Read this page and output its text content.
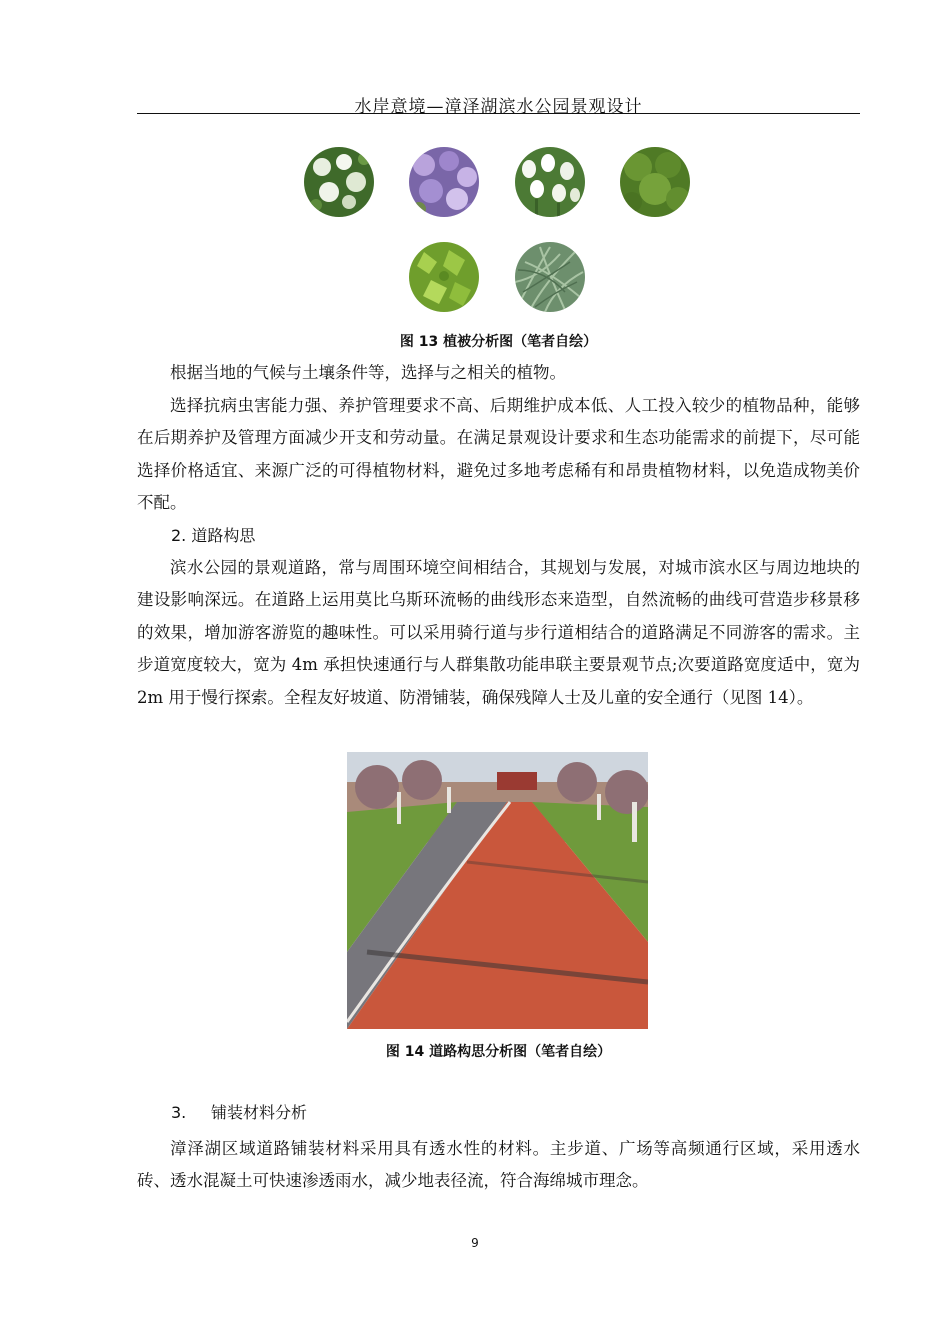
水岸意境—漳泽湖滨水公园景观设计
图 13 植被分析图（笔者自绘）

根据当地的气候与土壤条件等，选择与之相关的植物。

选择抗病虫害能力强、养护管理要求不高、后期维护成本低、人工投入较少的植物品种，能够在后期养护及管理方面减少开支和劳动量。在满足景观设计要求和生态功能需求的前提下，尽可能选择价格适宜、来源广泛的可得植物材料，避免过多地考虑稀有和昂贵植物材料，以免造成物美价不配。

2. 道路构思

滨水公园的景观道路，常与周围环境空间相结合，其规划与发展，对城市滨水区与周边地块的建设影响深远。在道路上运用莫比乌斯环流畅的曲线形态来造型，自然流畅的曲线可营造步移景移的效果，增加游客游览的趣味性。可以采用骑行道与步行道相结合的道路满足不同游客的需求。主步道宽度较大，宽为 4m 承担快速通行与人群集散功能串联主要景观节点;次要道路宽度适中，宽为 2m 用于慢行探索。全程友好坡道、防滑铺装，确保残障人士及儿童的安全通行（见图 14）。

图 14 道路构思分析图（笔者自绘）
3. 铺装材料分析

漳泽湖区域道路铺装材料采用具有透水性的材料。主步道、广场等高频通行区域，采用透水砖、透水混凝土可快速渗透雨水，减少地表径流，符合海绵城市理念。

9
